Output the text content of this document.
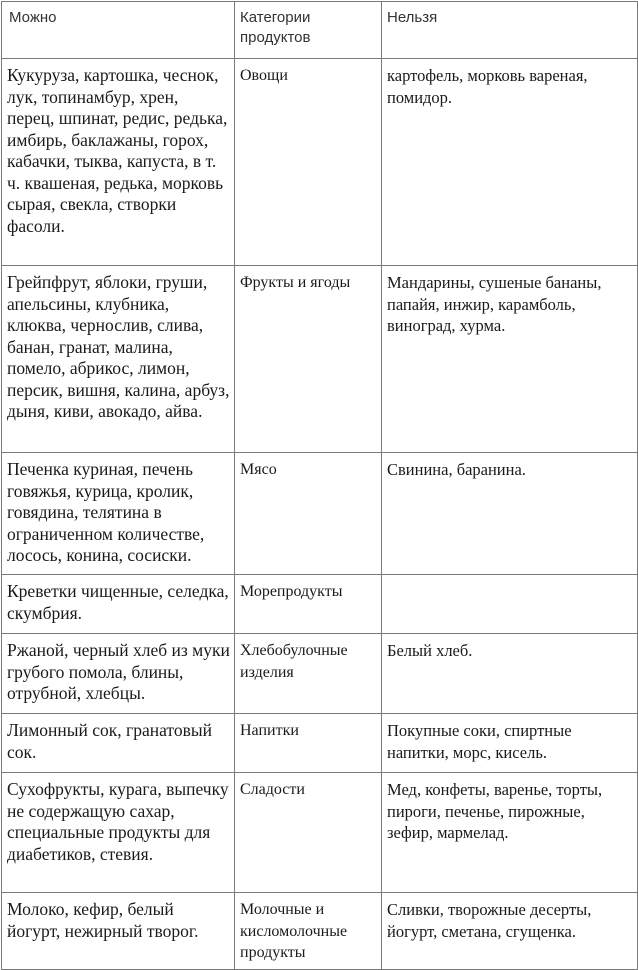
Можно	Категории продуктов	Нельзя
Кукуруза, картошка, чеснок, лук, топинамбур, хрен, перец, шпинат, редис, редька, имбирь, баклажаны, горох, кабачки, тыква, капуста, в т. ч. квашеная, редька, морковь сырая, свекла, створки фасоли.	Овощи	картофель, морковь вареная, помидор.
Грейпфрут, яблоки, груши, апельсины, клубника, клюква, чернослив, слива, банан, гранат, малина, помело, абрикос, лимон, персик, вишня, калина, арбуз, дыня, киви, авокадо, айва.	Фрукты и ягоды	Мандарины, сушеные бананы, папайя, инжир, карамболь, виноград, хурма.
Печенка куриная, печень говяжья, курица, кролик, говядина, телятина в ограниченном количестве, лосось, конина, сосиски.	Мясо	Свинина, баранина.
Креветки чищенные, селедка, скумбрия.	Морепродукты	
Ржаной, черный хлеб из муки грубого помола, блины, отрубной, хлебцы.	Хлебобулочные изделия	Белый хлеб.
Лимонный сок, гранатовый сок.	Напитки	Покупные соки, спиртные напитки, морс, кисель.
Сухофрукты, курага, выпечку не содержащую сахар, специальные продукты для диабетиков, стевия.	Сладости	Мед, конфеты, варенье, торты, пироги, печенье, пирожные, зефир, мармелад.
Молоко, кефир, белый йогурт, нежирный творог.	Молочные и кисломолочные продукты	Сливки, творожные десерты, йогурт, сметана, сгущенка.
